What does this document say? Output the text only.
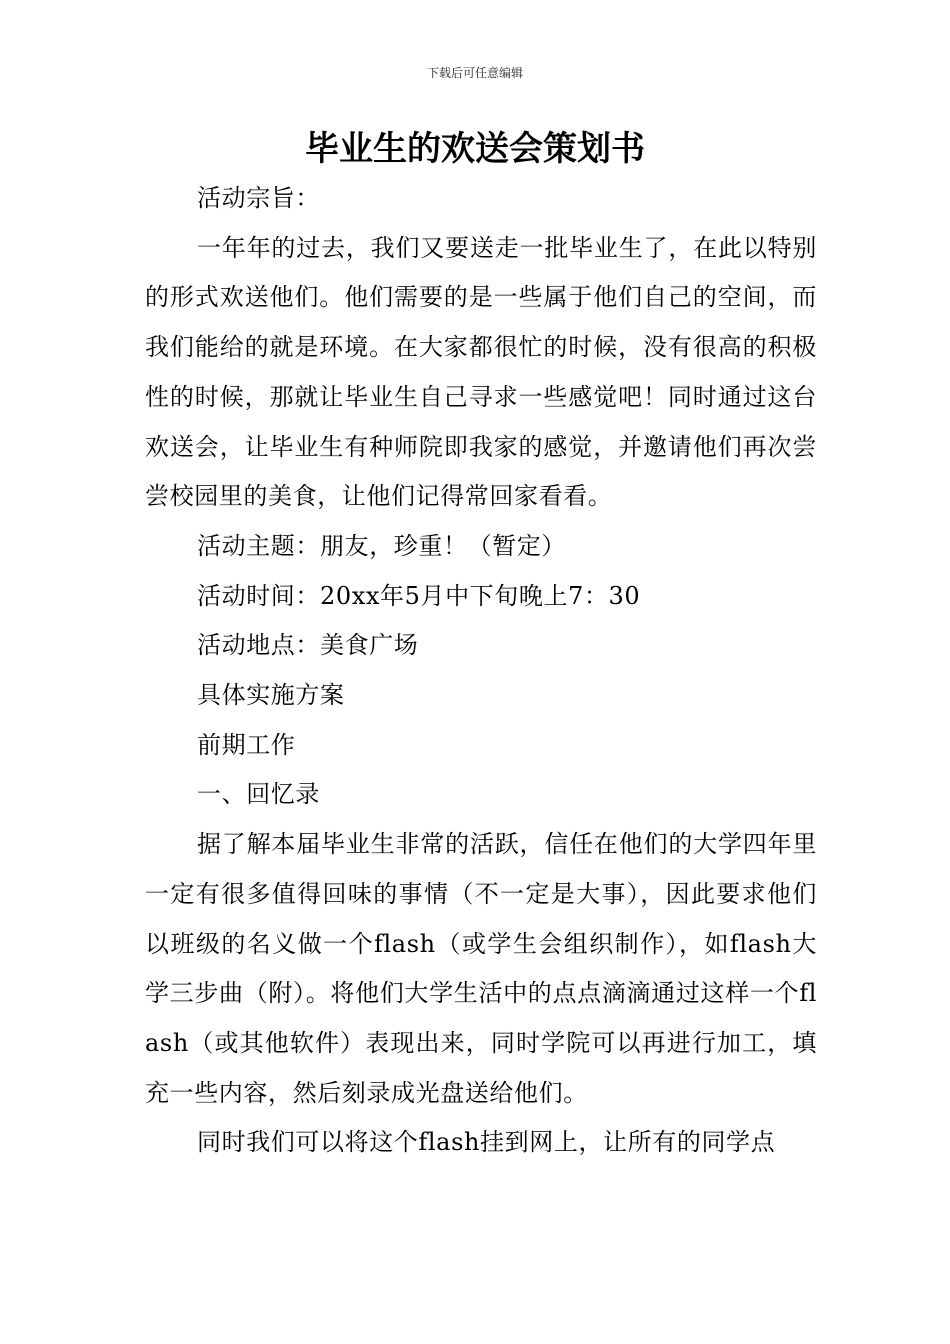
下载后可任意编辑
毕业生的欢送会策划书

活动宗旨：

一年年的过去，我们又要送走一批毕业生了，在此以特别的形式欢送他们。他们需要的是一些属于他们自己的空间，而我们能给的就是环境。在大家都很忙的时候，没有很高的积极性的时候，那就让毕业生自己寻求一些感觉吧！同时通过这台欢送会，让毕业生有种师院即我家的感觉，并邀请他们再次尝尝校园里的美食，让他们记得常回家看看。

活动主题：朋友，珍重！（暂定）

活动时间：20xx年5月中下旬晚上7：30

活动地点：美食广场

具体实施方案

前期工作

一、回忆录

据了解本届毕业生非常的活跃，信任在他们的大学四年里一定有很多值得回味的事情（不一定是大事），因此要求他们以班级的名义做一个flash（或学生会组织制作），如flash大学三步曲（附）。将他们大学生活中的点点滴滴通过这样一个flash（或其他软件）表现出来，同时学院可以再进行加工，填充一些内容，然后刻录成光盘送给他们。

同时我们可以将这个flash挂到网上，让所有的同学点
